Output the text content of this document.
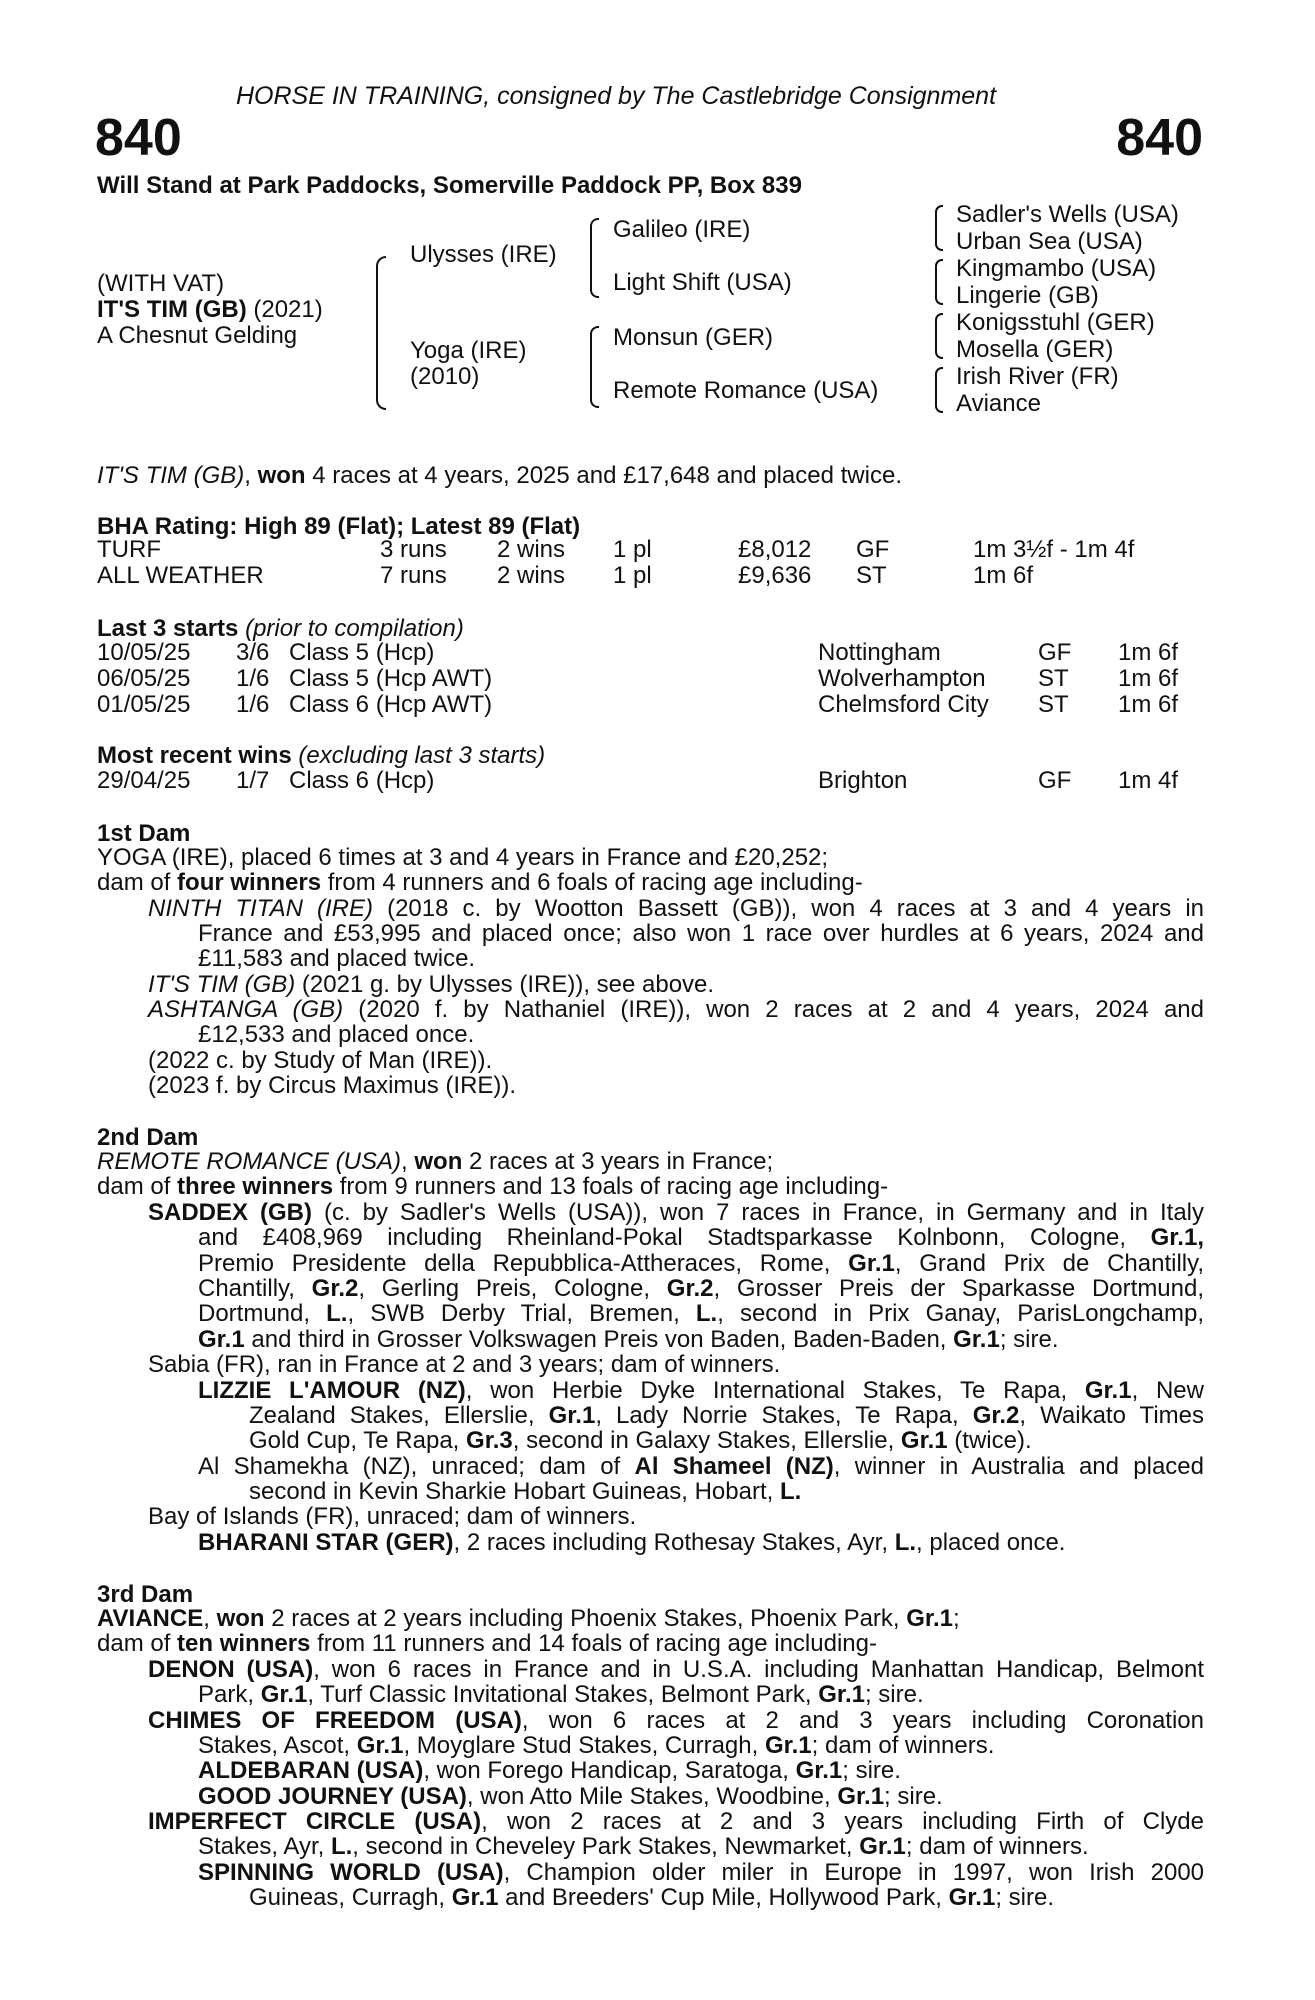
HORSE IN TRAINING, consigned by The Castlebridge Consignment
840	840
Will Stand at Park Paddocks, Somerville Paddock PP, Box 839
(WITH VAT)
IT'S TIM (GB) (2021)
A Chesnut Gelding
Ulysses (IRE)
Yoga (IRE)
(2010)
Galileo (IRE)
Light Shift (USA)
Monsun (GER)
Remote Romance (USA)
Sadler's Wells (USA)
Urban Sea (USA)
Kingmambo (USA)
Lingerie (GB)
Konigsstuhl (GER)
Mosella (GER)
Irish River (FR)
Aviance
IT'S TIM (GB), won 4 races at 4 years, 2025 and £17,648 and placed twice.
BHA Rating: High 89 (Flat); Latest 89 (Flat)
TURF	3 runs 2 wins 1 pl	£8,012 GF	1m 3½f - 1m 4f
ALL WEATHER	7 runs 2 wins 1 pl	£9,636 ST	1m 6f
Last 3 starts (prior to compilation)
10/05/25 3/6 Class 5 (Hcp)	Nottingham	GF 1m 6f
06/05/25 1/6 Class 5 (Hcp AWT)	Wolverhampton ST 1m 6f
01/05/25 1/6 Class 6 (Hcp AWT)	Chelmsford City ST 1m 6f
Most recent wins (excluding last 3 starts)
29/04/25 1/7 Class 6 (Hcp)	Brighton	GF 1m 4f
1st Dam
YOGA (IRE), placed 6 times at 3 and 4 years in France and £20,252;
dam of four winners from 4 runners and 6 foals of racing age including-
NINTH TITAN (IRE) (2018 c. by Wootton Bassett (GB)), won 4 races at 3 and 4 years in
France and £53,995 and placed once; also won 1 race over hurdles at 6 years, 2024 and
£11,583 and placed twice.
IT'S TIM (GB) (2021 g. by Ulysses (IRE)), see above.
ASHTANGA (GB) (2020 f. by Nathaniel (IRE)), won 2 races at 2 and 4 years, 2024 and
£12,533 and placed once.
(2022 c. by Study of Man (IRE)).
(2023 f. by Circus Maximus (IRE)).
2nd Dam
REMOTE ROMANCE (USA), won 2 races at 3 years in France;
dam of three winners from 9 runners and 13 foals of racing age including-
SADDEX (GB) (c. by Sadler's Wells (USA)), won 7 races in France, in Germany and in Italy
and £408,969 including Rheinland-Pokal Stadtsparkasse Kolnbonn, Cologne, Gr.1,
Premio Presidente della Repubblica-Attheraces, Rome, Gr.1, Grand Prix de Chantilly,
Chantilly, Gr.2, Gerling Preis, Cologne, Gr.2, Grosser Preis der Sparkasse Dortmund,
Dortmund, L., SWB Derby Trial, Bremen, L., second in Prix Ganay, ParisLongchamp,
Gr.1 and third in Grosser Volkswagen Preis von Baden, Baden-Baden, Gr.1; sire.
Sabia (FR), ran in France at 2 and 3 years; dam of winners.
LIZZIE L'AMOUR (NZ), won Herbie Dyke International Stakes, Te Rapa, Gr.1, New
Zealand Stakes, Ellerslie, Gr.1, Lady Norrie Stakes, Te Rapa, Gr.2, Waikato Times
Gold Cup, Te Rapa, Gr.3, second in Galaxy Stakes, Ellerslie, Gr.1 (twice).
Al Shamekha (NZ), unraced; dam of Al Shameel (NZ), winner in Australia and placed
second in Kevin Sharkie Hobart Guineas, Hobart, L.
Bay of Islands (FR), unraced; dam of winners.
BHARANI STAR (GER), 2 races including Rothesay Stakes, Ayr, L., placed once.
3rd Dam
AVIANCE, won 2 races at 2 years including Phoenix Stakes, Phoenix Park, Gr.1;
dam of ten winners from 11 runners and 14 foals of racing age including-
DENON (USA), won 6 races in France and in U.S.A. including Manhattan Handicap, Belmont
Park, Gr.1, Turf Classic Invitational Stakes, Belmont Park, Gr.1; sire.
CHIMES OF FREEDOM (USA), won 6 races at 2 and 3 years including Coronation
Stakes, Ascot, Gr.1, Moyglare Stud Stakes, Curragh, Gr.1; dam of winners.
ALDEBARAN (USA), won Forego Handicap, Saratoga, Gr.1; sire.
GOOD JOURNEY (USA), won Atto Mile Stakes, Woodbine, Gr.1; sire.
IMPERFECT CIRCLE (USA), won 2 races at 2 and 3 years including Firth of Clyde
Stakes, Ayr, L., second in Cheveley Park Stakes, Newmarket, Gr.1; dam of winners.
SPINNING WORLD (USA), Champion older miler in Europe in 1997, won Irish 2000
Guineas, Curragh, Gr.1 and Breeders' Cup Mile, Hollywood Park, Gr.1; sire.
